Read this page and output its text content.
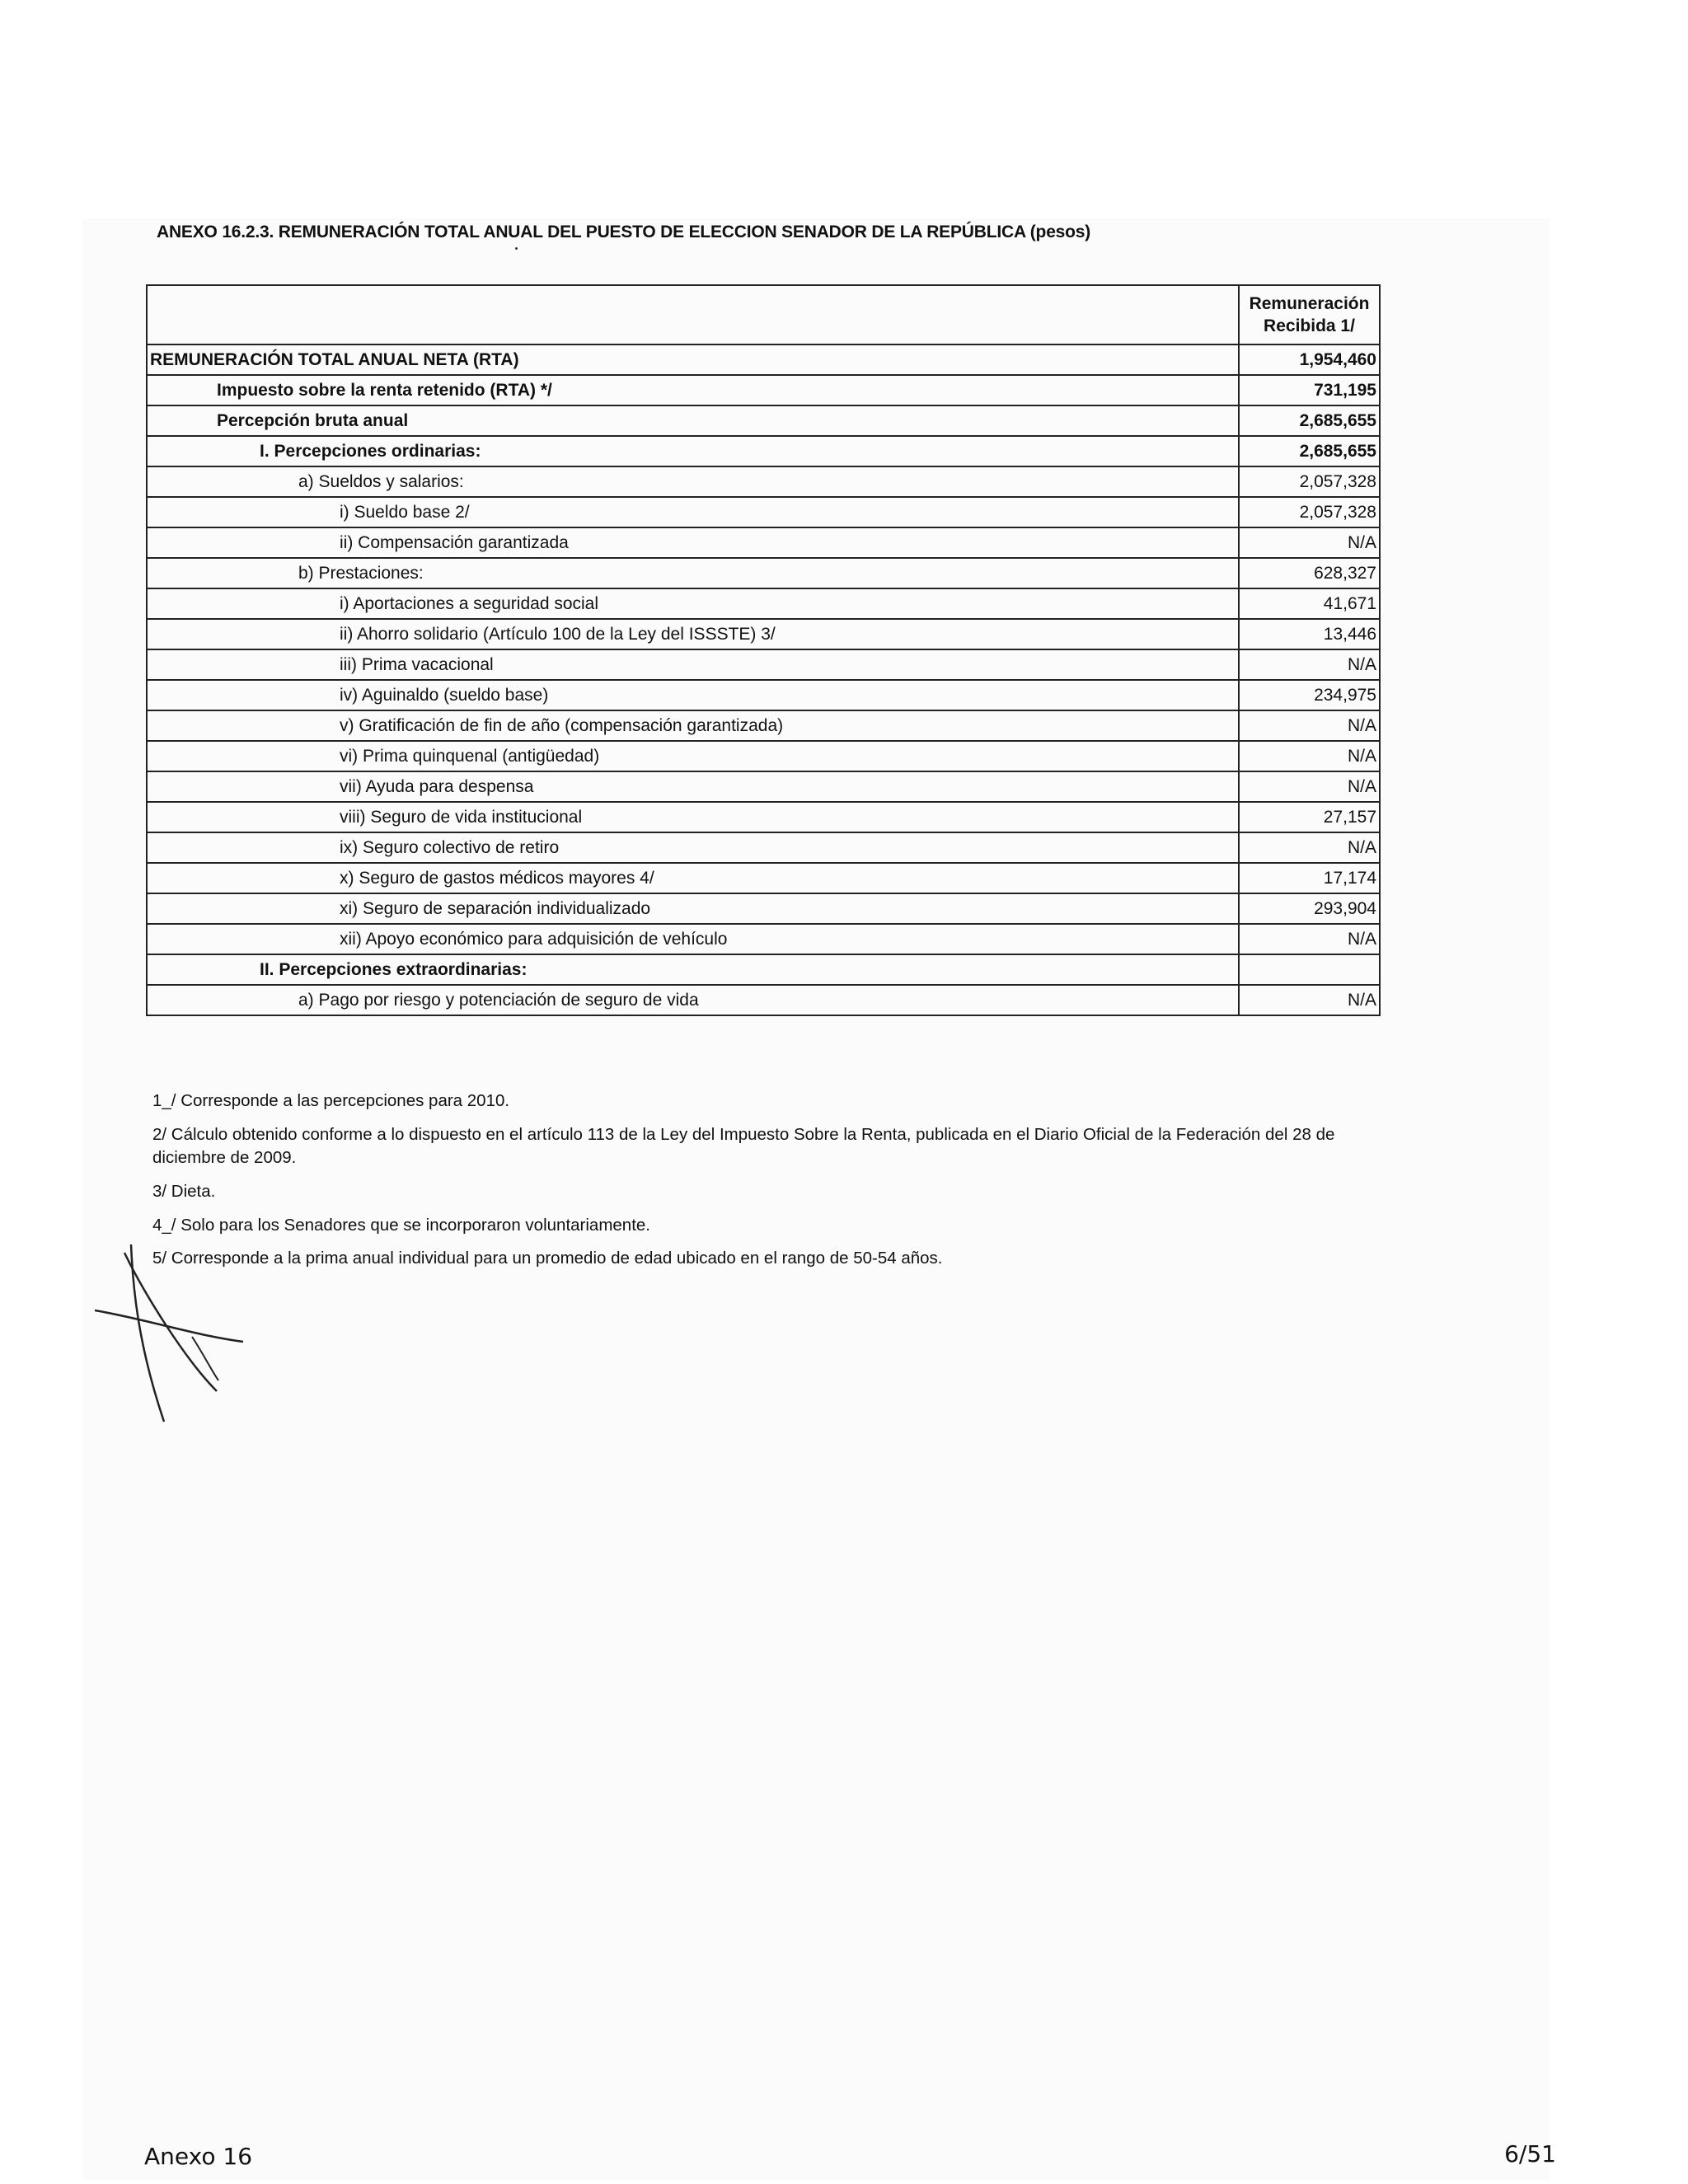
ANEXO 16.2.3. REMUNERACIÓN TOTAL ANUAL DEL PUESTO DE ELECCION SENADOR DE LA REPÚBLICA (pesos)

	Remuneración
Recibida 1/

REMUNERACIÓN TOTAL ANUAL NETA (RTA)	1,954,460
Impuesto sobre la renta retenido (RTA) */	731,195
Percepción bruta anual	2,685,655
I. Percepciones ordinarias:	2,685,655
a) Sueldos y salarios:	2,057,328
i) Sueldo base 2/	2,057,328
ii) Compensación garantizada	N/A
b) Prestaciones:	628,327
i) Aportaciones a seguridad social	41,671
ii) Ahorro solidario (Artículo 100 de la Ley del ISSSTE) 3/	13,446
iii) Prima vacacional	N/A
iv) Aguinaldo (sueldo base)	234,975
v) Gratificación de fin de año (compensación garantizada)	N/A
vi) Prima quinquenal (antigüedad)	N/A
vii) Ayuda para despensa	N/A
viii) Seguro de vida institucional	27,157
ix) Seguro colectivo de retiro	N/A
x) Seguro de gastos médicos mayores 4/	17,174
xi) Seguro de separación individualizado	293,904
xii) Apoyo económico para adquisición de vehículo	N/A
II. Percepciones extraordinarias:	
a) Pago por riesgo y potenciación de seguro de vida	N/A

1_/ Corresponde a las percepciones para 2010.

2/ Cálculo obtenido conforme a lo dispuesto en el artículo 113 de la Ley del Impuesto Sobre la Renta, publicada en el Diario Oficial de la Federación del 28 de diciembre de 2009.

3/ Dieta.

4_/ Solo para los Senadores que se incorporaron voluntariamente.

5/ Corresponde a la prima anual individual para un promedio de edad ubicado en el rango de 50-54 años.

Anexo 16	6/51
